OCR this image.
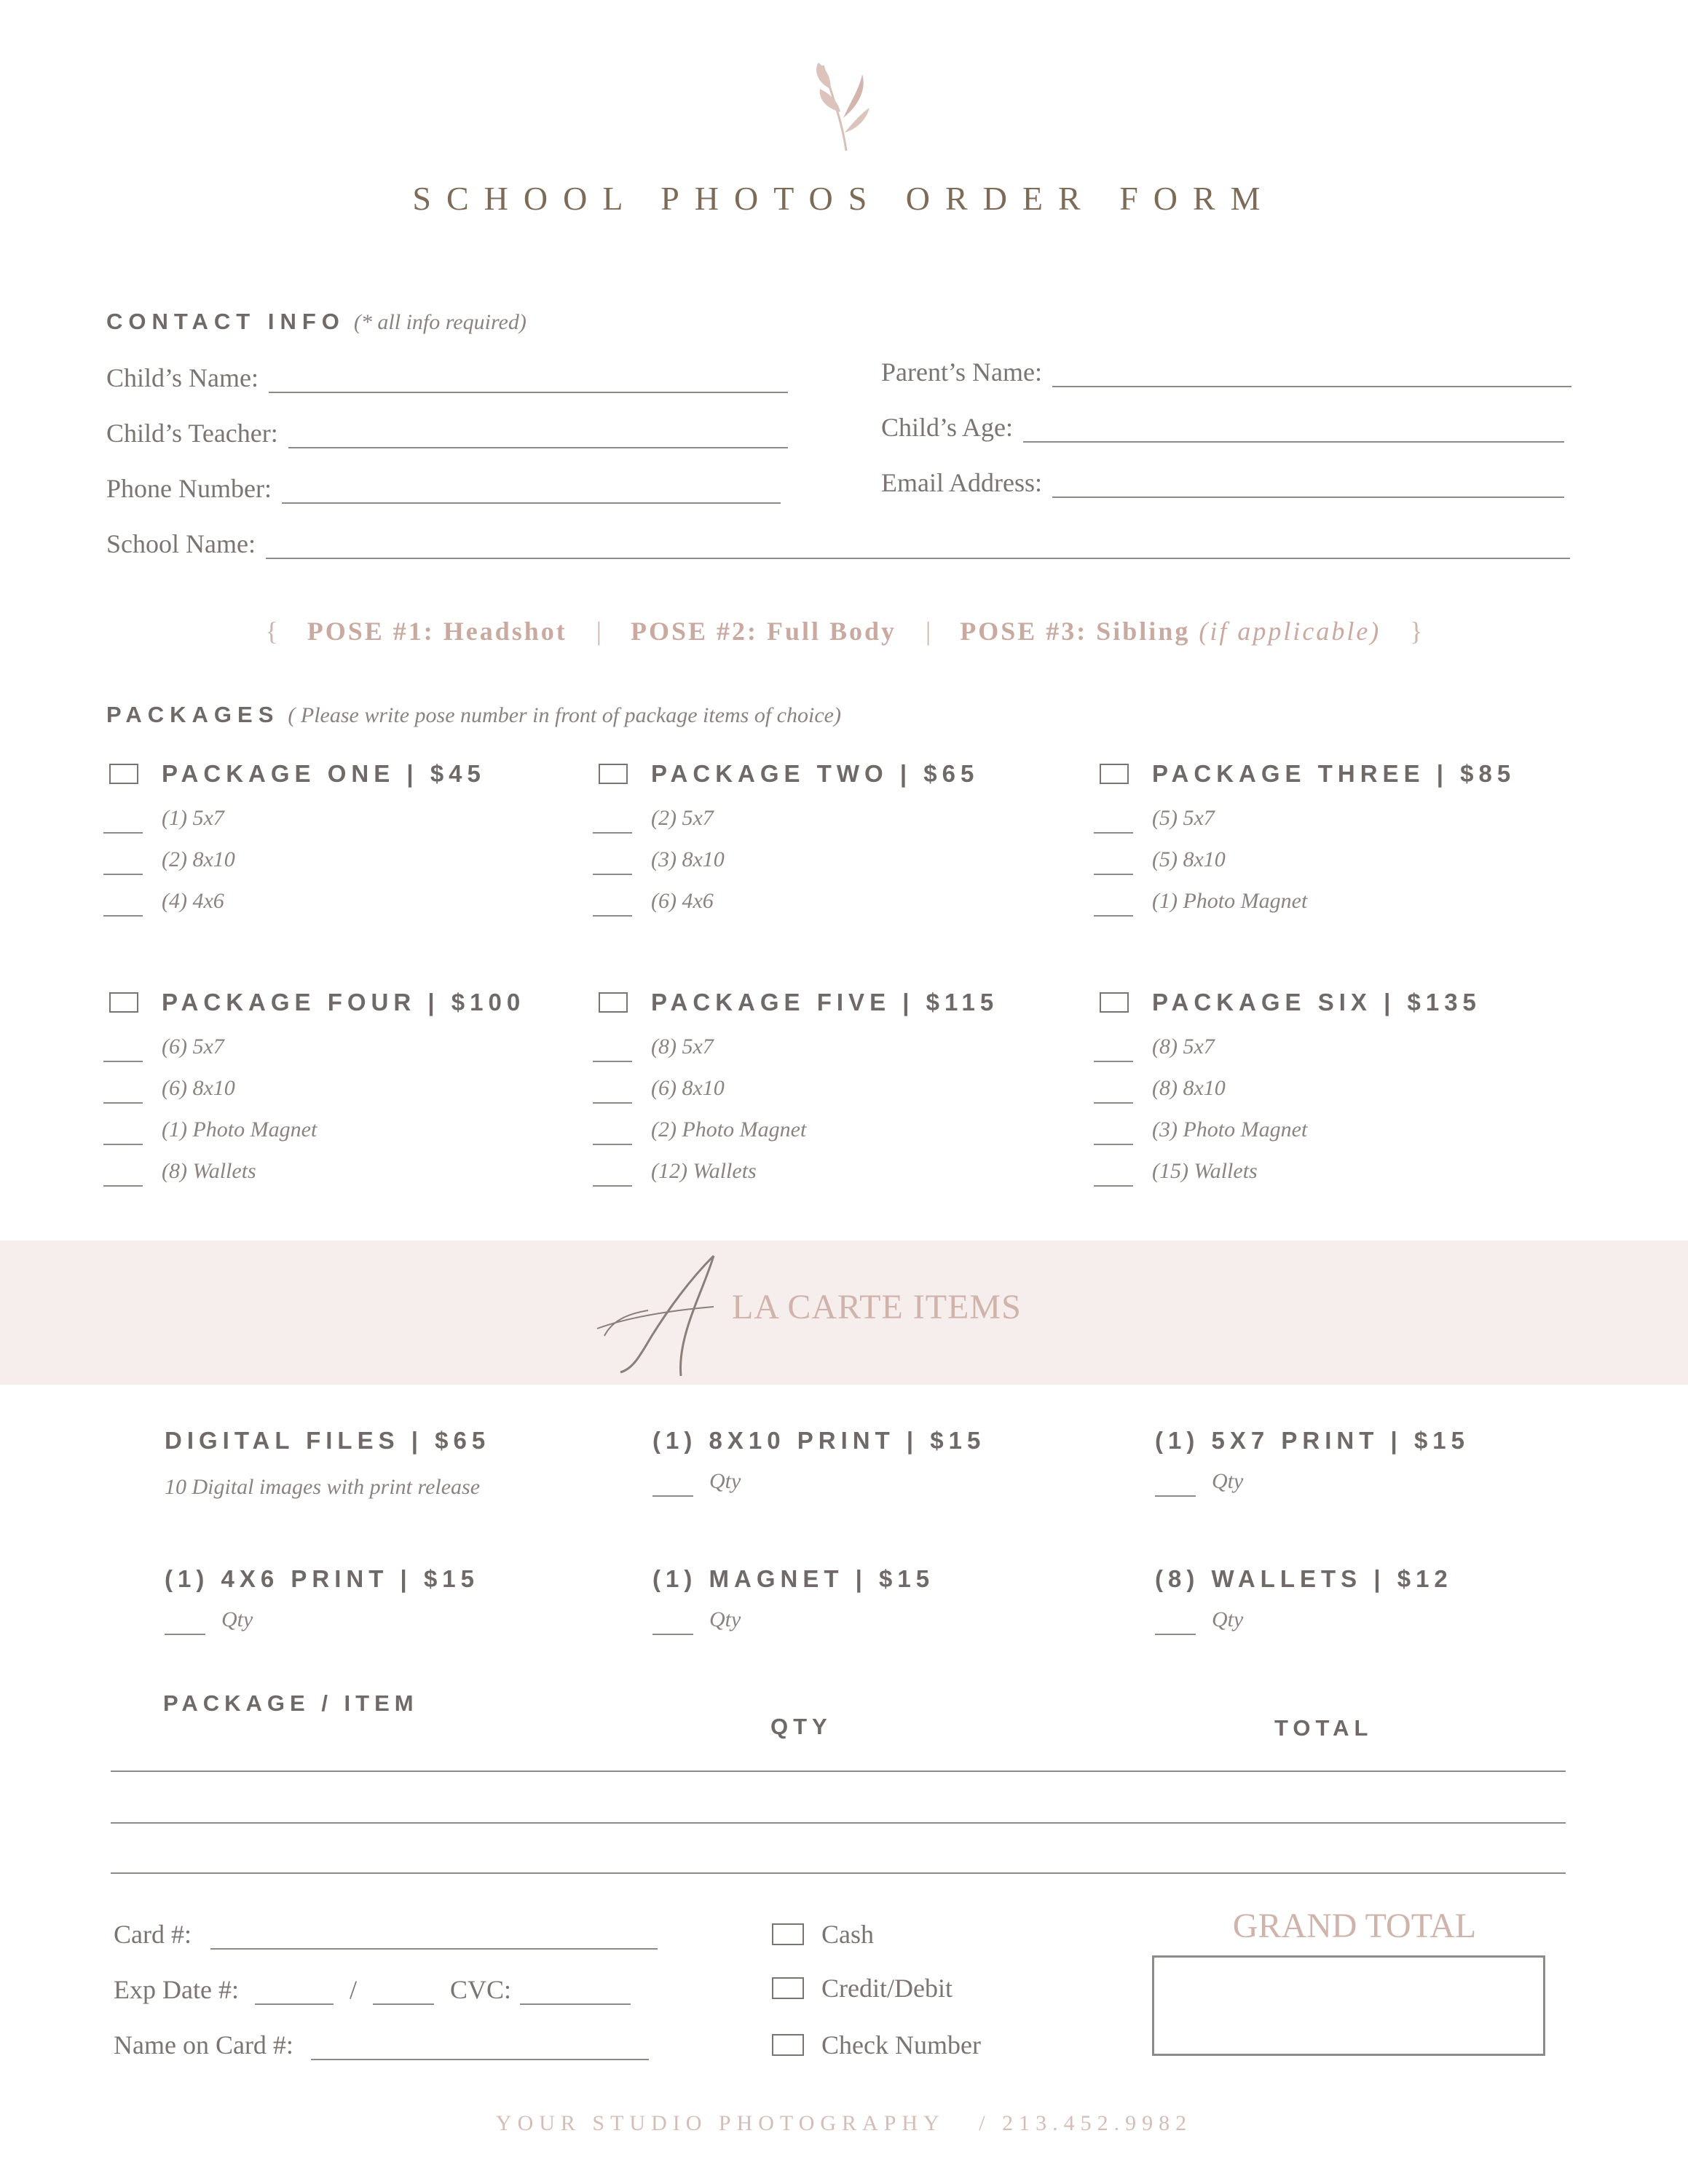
SCHOOL PHOTOS ORDER FORM
CONTACT INFO (* all info required)
Child’s Name:
Child’s Teacher:
Phone Number:
School Name:
Parent’s Name:
Child’s Age:
Email Address:
{ POSE #1: Headshot | POSE #2: Full Body | POSE #3: Sibling (if applicable) }
PACKAGES ( Please write pose number in front of package items of choice)
PACKAGE ONE | $45
(1) 5x7
(2) 8x10
(4) 4x6
PACKAGE TWO | $65
(2) 5x7
(3) 8x10
(6) 4x6
PACKAGE THREE | $85
(5) 5x7
(5) 8x10
(1) Photo Magnet
PACKAGE FOUR | $100
(6) 5x7
(6) 8x10
(1) Photo Magnet
(8) Wallets
PACKAGE FIVE | $115
(8) 5x7
(6) 8x10
(2) Photo Magnet
(12) Wallets
PACKAGE SIX | $135
(8) 5x7
(8) 8x10
(3) Photo Magnet
(15) Wallets
LA CARTE ITEMS
DIGITAL FILES | $65
10 Digital images with print release
(1) 8X10 PRINT | $15
Qty
(1) 5X7 PRINT | $15
Qty
(1) 4X6 PRINT | $15
Qty
(1) MAGNET | $15
Qty
(8) WALLETS | $12
Qty
PACKAGE / ITEM
QTY	TOTAL
Card #:
Exp Date #:	/	CVC:
Name on Card #:
Cash
Credit/Debit
Check Number
GRAND TOTAL
YOUR STUDIO PHOTOGRAPHY / 213.452.9982
